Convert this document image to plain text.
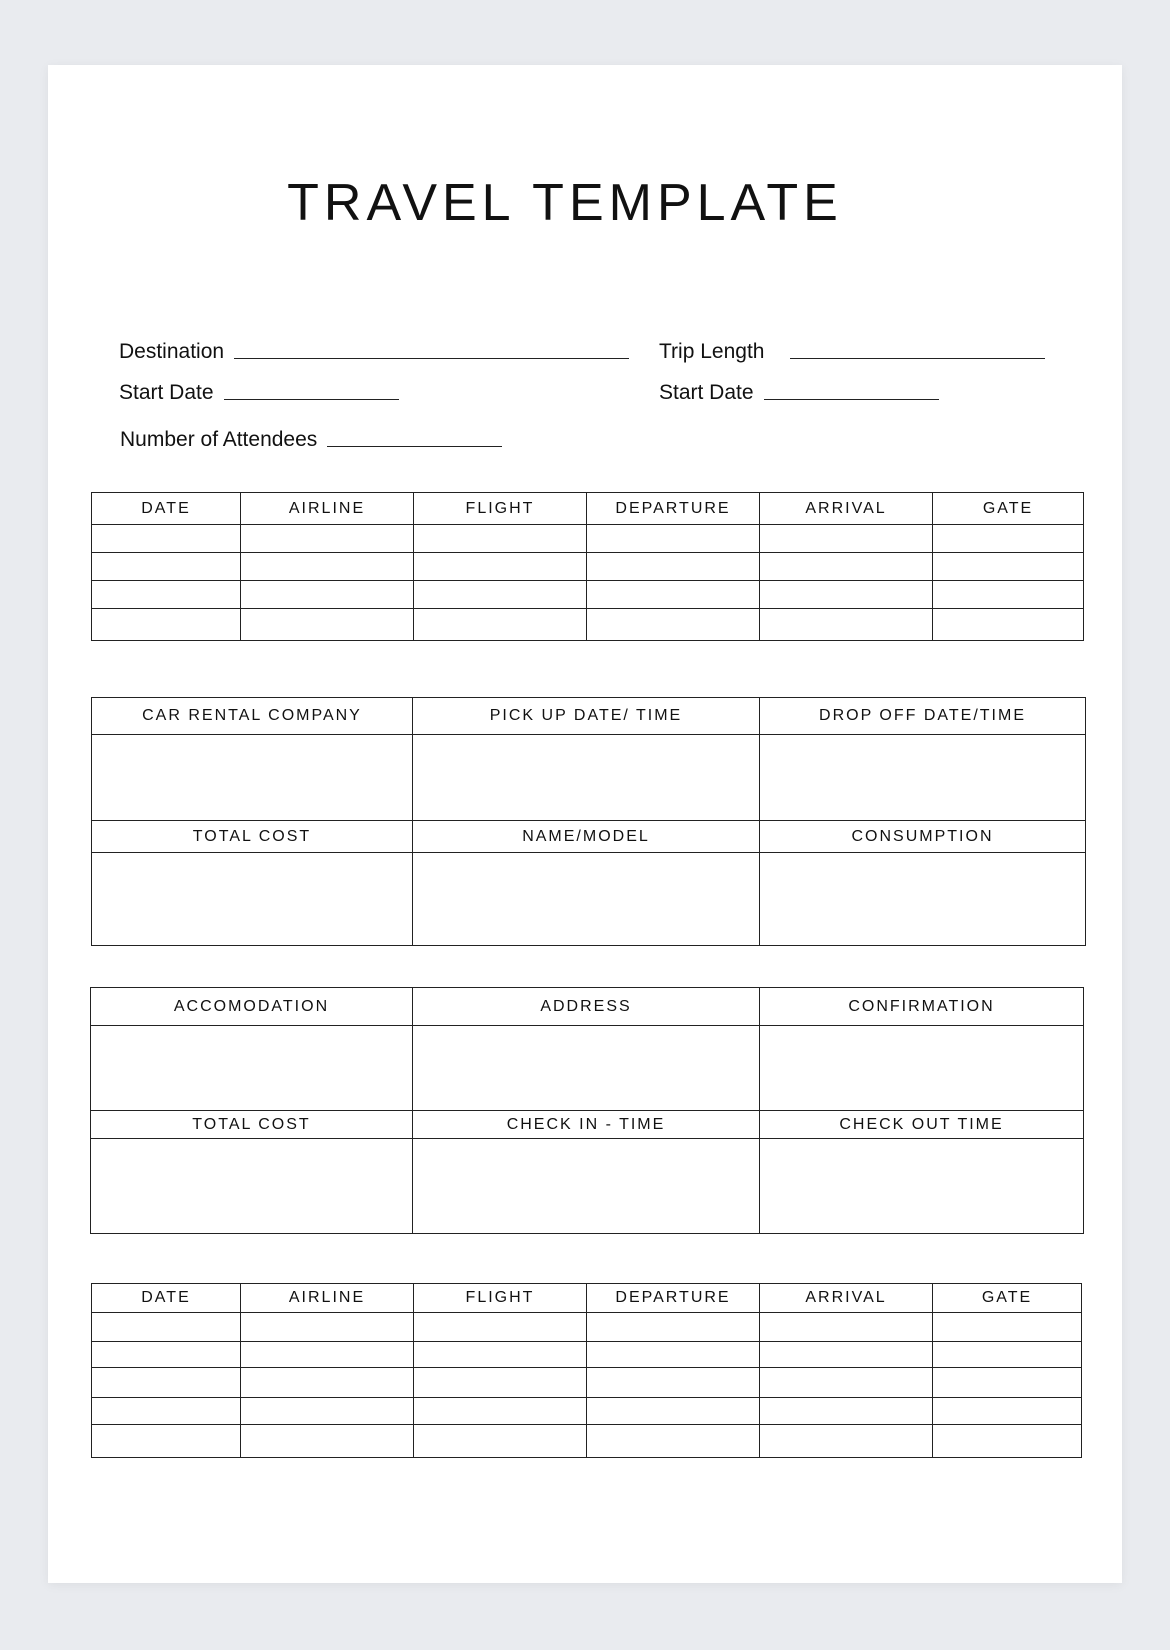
TRAVEL TEMPLATE
Destination	Trip Length
Start Date	Start Date
Number of Attendees
DATE	AIRLINE	FLIGHT	DEPARTURE	ARRIVAL	GATE

CAR RENTAL COMPANY	PICK UP DATE/ TIME	DROP OFF DATE/TIME

TOTAL COST	NAME/MODEL	CONSUMPTION

ACCOMODATION	ADDRESS	CONFIRMATION

TOTAL COST	CHECK IN - TIME	CHECK OUT TIME

DATE	AIRLINE	FLIGHT	DEPARTURE	ARRIVAL	GATE
